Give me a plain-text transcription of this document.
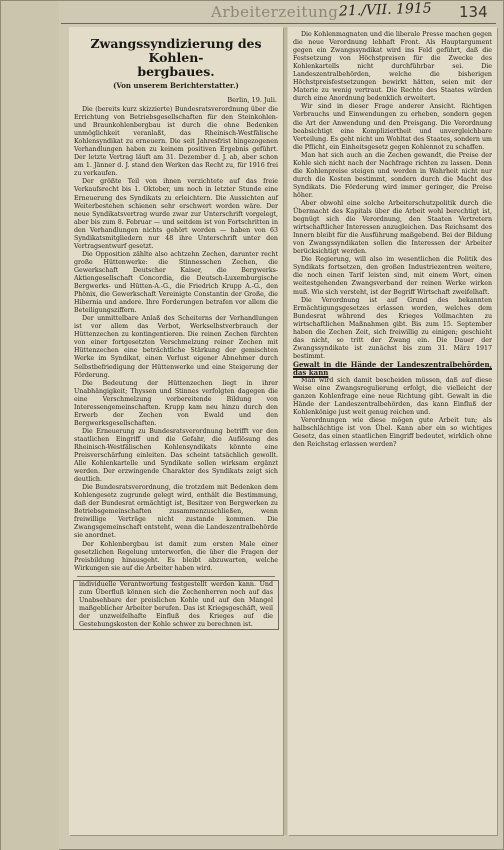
Arbeiterzeitung 21./VII. 1915 134
Zwangssyndizierung des Kohlen-
bergbaues.
(Von unserem Berichterstatter.)
Berlin, 19. Juli.

Die (bereits kurz skizzierte) Bundesratsverordnung über die Errichtung von Betriebsgesellschaften für den Steinkohlen- und Braunkohlenbergbau ist durch die ohne Bedenken unmöglichkeit veranlaßt, das Rheinisch-Westfälische Kohlensyndikat zu erneuern. Die seit Jahresfrist hingezogenen Verhandlungen haben zu keinem positiven Ergebnis geführt. Der letzte Vertrag läuft am 31. Dezember d. J. ab, aber schon am 1. Jänner d. J. stand den Werken das Recht zu, für 1916 frei zu verkaufen.

Der größte Teil von ihnen verzichtete auf das freie Verkaufsrecht bis 1. Oktober, um noch in letzter Stunde eine Erneuerung des Syndikats zu erleichtern. Die Aussichten auf Weiterbestehen schienen sehr erschwert worden wäre. Der neue Syndikatsvertrag wurde zwar zur Unterschrift vorgelegt, aber bis zum 8. Februar — und seitdem ist von Fortschritten in den Verhandlungen nichts gehört worden — haben von 63 Syndikatsmitgliedern nur 48 ihre Unterschrift unter den Vertragsentwurf gesetzt.

Die Opposition zählte also achtzehn Zechen, darunter recht große Hüttenwerke: die Stinnesschen Zechen, die Gewerkschaft Deutscher Kaiser, die Bergwerks-Aktiengesellschaft Concordia, die Deutsch-Luxemburgische Bergwerks- und Hütten-A.-G., die Friedrich Krupp A.-G., den Phönix, die Gewerkschaft Vereinigte Constantin der Große, die Hibernia und andere. Ihre Forderungen betrafen vor allem die Beteiligungsziffern.

Der unmittelbare Anlaß des Scheiterns der Verhandlungen ist vor allem das Verbot, Werkselbstverbrauch der Hüttenzechen zu kontingentieren. Die reinen Zechen fürchten von einer fortgesetzten Verschmelzung reiner Zechen mit Hüttenzechen eine beträchtliche Stärkung der gemischten Werke im Syndikat, einen Verlust eigener Abnehmer durch Selbstbefriedigung der Hüttenwerke und eine Steigerung der Förderung.

Die Bedeutung der Hüttenzechen liegt in ihrer Unabhängigkeit; Thyssen und Stinnes verfolgten dagegen die eine Verschmelzung vorbereitende Bildung von Interessengemeinschaften. Krupp kam neu hinzu durch den Erwerb der Zechen von Ewald und den Bergwerksgesellschaften.

Die Erneuerung zu Bundesratsverordnung betrifft vor den staatlichen Eingriff und die Gefahr, die Auflösung des Rheinisch-Westfälischen Kohlensyndikats könnte eine Preisverschärfung einleiten. Das scheint tatsächlich gewollt. Alle Kohlenkartelle und Syndikate sollen wirksam ergänzt werden. Der erzwingende Charakter des Syndikats zeigt sich deutlich.

Die Bundesratsverordnung, die trotzdem mit Bedenken dem Kohlengesetz zugrunde gelegt wird, enthält die Bestimmung, daß der Bundesrat ermächtigt ist, Besitzer von Bergwerken zu Betriebsgemeinschaften zusammenzuschließen, wenn freiwillige Verträge nicht zustande kommen. Die Zwangsgemeinschaft entsteht, wenn die Landeszentralbehörde sie anordnet.

Der Kohlenbergbau ist damit zum ersten Male einer gesetzlichen Regelung unterworfen, die über die Fragen der Preisbildung hinausgeht. Es bleibt abzuwarten, welche Wirkungen sie auf die Arbeiter haben wird.

individuelle Verantwortung festgestellt werden kann. Und zum Überfluß können sich die Zechenherren noch auf das Unabsehbare der preislichen Kohle und auf den Mangel maßgeblicher Arbeiter berufen. Das ist Kriegsgeschäft, weil der unzweifelhafte Einfluß des Krieges auf die Gestehungskosten der Kohle schwer zu berechnen ist.

Die Kohlenmagnaten und die liberale Presse machen gegen die neue Verordnung lebhaft Front. Als Hauptargument gegen ein Zwangssyndikat wird ins Feld geführt, daß die Festsetzung von Höchstpreisen für die Zwecke des Kohlenkartells nicht durchführbar sei. Die Landeszentralbehörden, welche die bisherigen Höchstpreisfestsetzungen bewirkt hätten, seien mit der Materie zu wenig vertraut. Die Rechte des Staates würden durch eine Anordnung bedenklich erweitert.

Wir sind in dieser Frage anderer Ansicht. Richtigen Verbrauchs und Einwendungen zu erheben, sondern gegen die Art der Anwendung und den Preisgang. Die Verordnung beabsichtigt eine Kompliziertheit und unvergleichbare Verteilung. Es geht nicht um Wohltat des Staates, sondern um die Pflicht, ein Einheitsgesetz gegen Kohlennot zu schaffen.

Man hat sich auch an die Zechen gewandt, die Preise der Kohle sich nicht nach der Nachfrage richten zu lassen. Denn die Kohlenpreise steigen und werden in Wahrheit nicht nur durch die Kosten bestimmt, sondern durch die Macht des Syndikats. Die Förderung wird immer geringer, die Preise höher.

Aber obwohl eine solche Arbeiterschutzpolitik durch die Übermacht des Kapitals über die Arbeit wohl berechtigt ist, begnügt sich die Verordnung, den Staaten Vertretern wirtschaftlicher Interessen anzugleichen. Das Reichsamt des Innern bleibt für die Ausführung maßgebend. Bei der Bildung von Zwangssyndikaten sollen die Interessen der Arbeiter berücksichtigt werden.

Die Regierung, will also im wesentlichen die Politik des Syndikats fortsetzen, den großen Industriezentren weitere, die noch einen Tarif leisten sind, mit einem Wort, einen weitestgehenden Zwangsverband der reinen Werke wirken muß. Wie sich versteht, ist der Begriff Wirtschaft zweifelhaft.

Die Verordnung ist auf Grund des bekannten Ermächtigungsgesetzes erlassen worden, welches dem Bundesrat während des Krieges Vollmachten zu wirtschaftlichen Maßnahmen gibt. Bis zum 15. September haben die Zechen Zeit, sich freiwillig zu einigen; geschieht das nicht, so tritt der Zwang ein. Die Dauer der Zwangssyndikate ist zunächst bis zum 31. März 1917 bestimmt.

Gewalt in die Hände der Landeszentralbehörden, das kann

Man wird sich damit bescheiden müssen, daß auf diese Weise eine Zwangsregulierung erfolgt, die vielleicht der ganzen Kohlenfrage eine neue Richtung gibt. Gewalt in die Hände der Landeszentralbehörden, das kann Einfluß der Kohlenkönige just weit genug reichen und.

Verordnungen wie diese mögen gute Arbeit tun; als halbschlächtige ist von Übel. Kann aber ein so wichtiges Gesetz, das einen staatlichen Eingriff bedeutet, wirklich ohne den Reichstag erlassen werden?
